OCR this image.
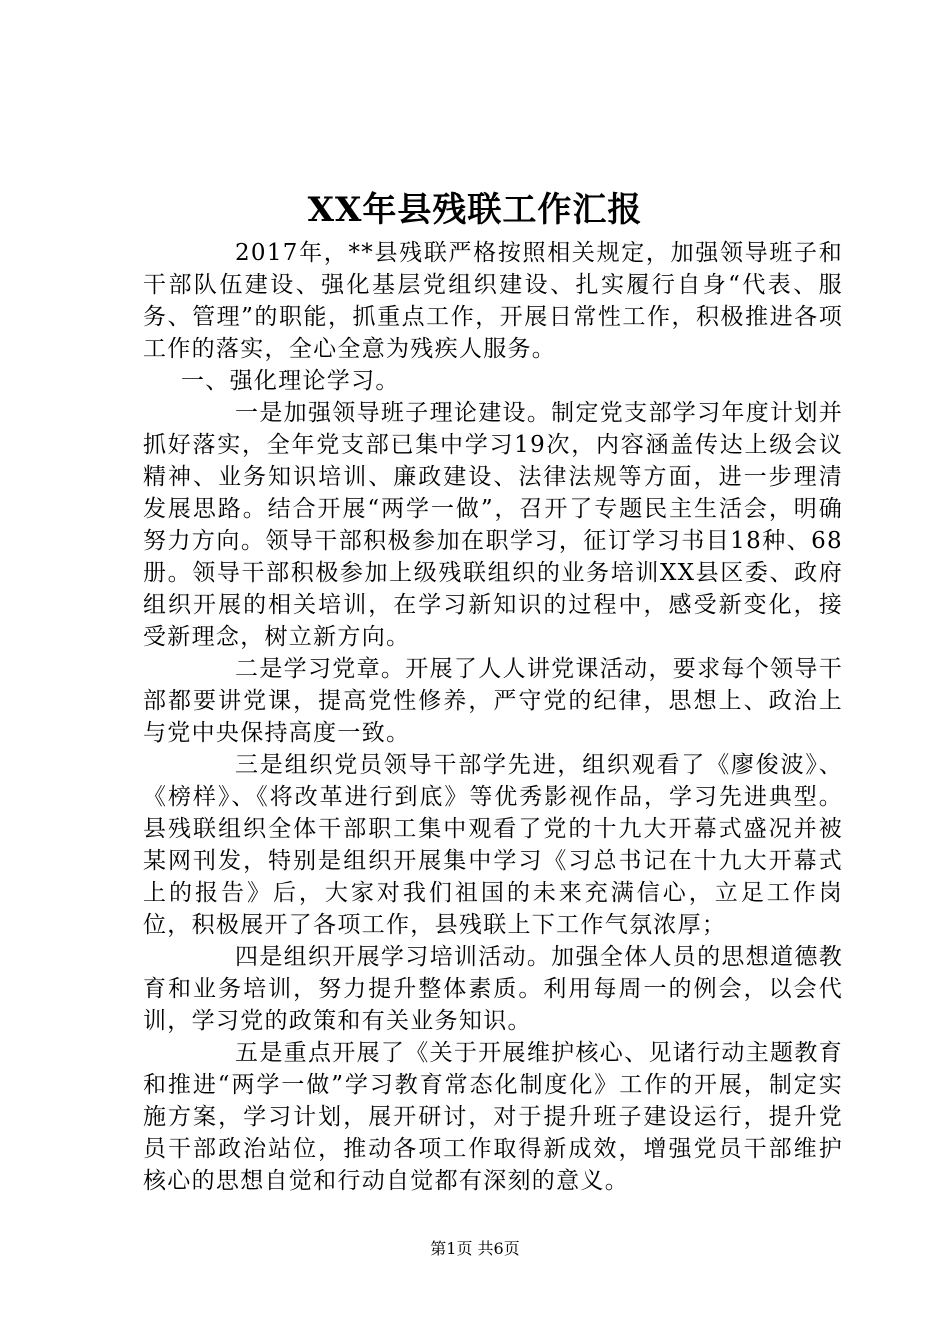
XX年县残联工作汇报

2017年，**县残联严格按照相关规定，加强领导班子和干部队伍建设、强化基层党组织建设、扎实履行自身“代表、服务、管理”的职能，抓重点工作，开展日常性工作，积极推进各项工作的落实，全心全意为残疾人服务。

一、强化理论学习。

一是加强领导班子理论建设。制定党支部学习年度计划并抓好落实，全年党支部已集中学习19次，内容涵盖传达上级会议精神、业务知识培训、廉政建设、法律法规等方面，进一步理清发展思路。结合开展“两学一做”，召开了专题民主生活会，明确努力方向。领导干部积极参加在职学习，征订学习书目18种、68册。领导干部积极参加上级残联组织的业务培训XX县区委、政府组织开展的相关培训，在学习新知识的过程中，感受新变化，接受新理念，树立新方向。

二是学习党章。开展了人人讲党课活动，要求每个领导干部都要讲党课，提高党性修养，严守党的纪律，思想上、政治上与党中央保持高度一致。

三是组织党员领导干部学先进，组织观看了《廖俊波》、《榜样》、《将改革进行到底》等优秀影视作品，学习先进典型。县残联组织全体干部职工集中观看了党的十九大开幕式盛况并被某网刊发，特别是组织开展集中学习《习总书记在十九大开幕式上的报告》后，大家对我们祖国的未来充满信心，立足工作岗位，积极展开了各项工作，县残联上下工作气氛浓厚；

四是组织开展学习培训活动。加强全体人员的思想道德教育和业务培训，努力提升整体素质。利用每周一的例会，以会代训，学习党的政策和有关业务知识。

五是重点开展了《关于开展维护核心、见诸行动主题教育和推进“两学一做”学习教育常态化制度化》工作的开展，制定实施方案，学习计划，展开研讨，对于提升班子建设运行，提升党员干部政治站位，推动各项工作取得新成效，增强党员干部维护核心的思想自觉和行动自觉都有深刻的意义。

第1页 共6页
